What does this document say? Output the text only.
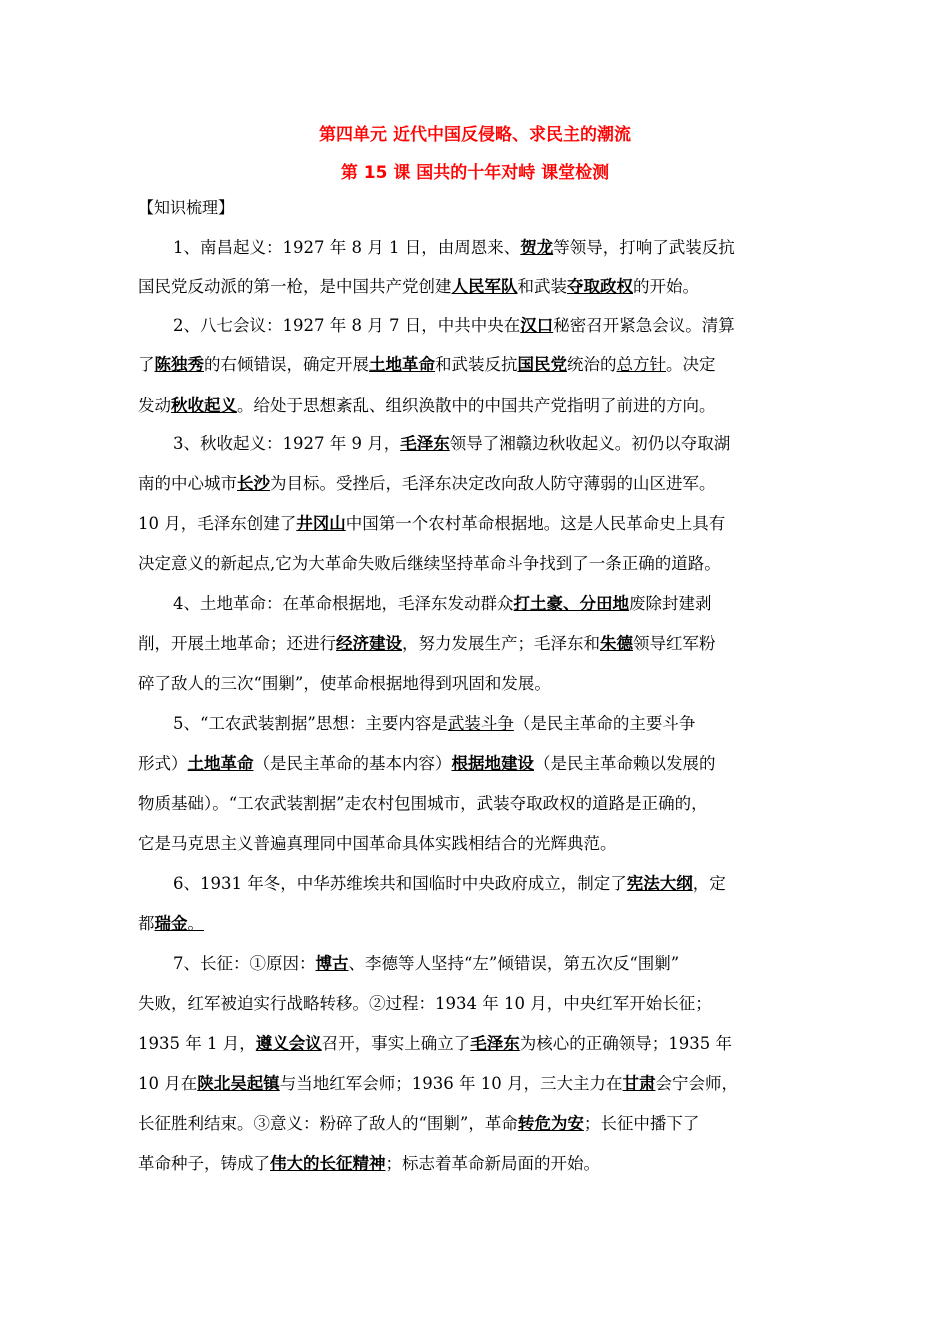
第四单元 近代中国反侵略、求民主的潮流
第 15 课 国共的十年对峙 课堂检测
【知识梳理】
1、南昌起义：1927 年 8 月 1 日，由周恩来、贺龙等领导，打响了武装反抗
国民党反动派的第一枪，是中国共产党创建人民军队和武装夺取政权的开始。
2、八七会议：1927 年 8 月 7 日，中共中央在汉口秘密召开紧急会议。清算
了陈独秀的右倾错误，确定开展土地革命和武装反抗国民党统治的总方针。决定
发动秋收起义。给处于思想紊乱、组织涣散中的中国共产党指明了前进的方向。
3、秋收起义：1927 年 9 月，毛泽东领导了湘赣边秋收起义。初仍以夺取湖
南的中心城市长沙为目标。受挫后，毛泽东决定改向敌人防守薄弱的山区进军。
10 月，毛泽东创建了井冈山中国第一个农村革命根据地。这是人民革命史上具有
决定意义的新起点,它为大革命失败后继续坚持革命斗争找到了一条正确的道路。
4、土地革命：在革命根据地，毛泽东发动群众打土豪、分田地废除封建剥
削，开展土地革命；还进行经济建设，努力发展生产；毛泽东和朱德领导红军粉
碎了敌人的三次“围剿”，使革命根据地得到巩固和发展。
5、“工农武装割据”思想：主要内容是武装斗争（是民主革命的主要斗争
形式）土地革命（是民主革命的基本内容）根据地建设（是民主革命赖以发展的
物质基础）。“工农武装割据”走农村包围城市，武装夺取政权的道路是正确的，
它是马克思主义普遍真理同中国革命具体实践相结合的光辉典范。
6、1931 年冬，中华苏维埃共和国临时中央政府成立，制定了宪法大纲，定
都瑞金。
7、长征：①原因：博古、李德等人坚持“左”倾错误，第五次反“围剿”
失败，红军被迫实行战略转移。②过程：1934 年 10 月，中央红军开始长征；
1935 年 1 月，遵义会议召开，事实上确立了毛泽东为核心的正确领导；1935 年
10 月在陕北吴起镇与当地红军会师；1936 年 10 月，三大主力在甘肃会宁会师，
长征胜利结束。③意义：粉碎了敌人的“围剿”，革命转危为安；长征中播下了
革命种子，铸成了伟大的长征精神；标志着革命新局面的开始。
